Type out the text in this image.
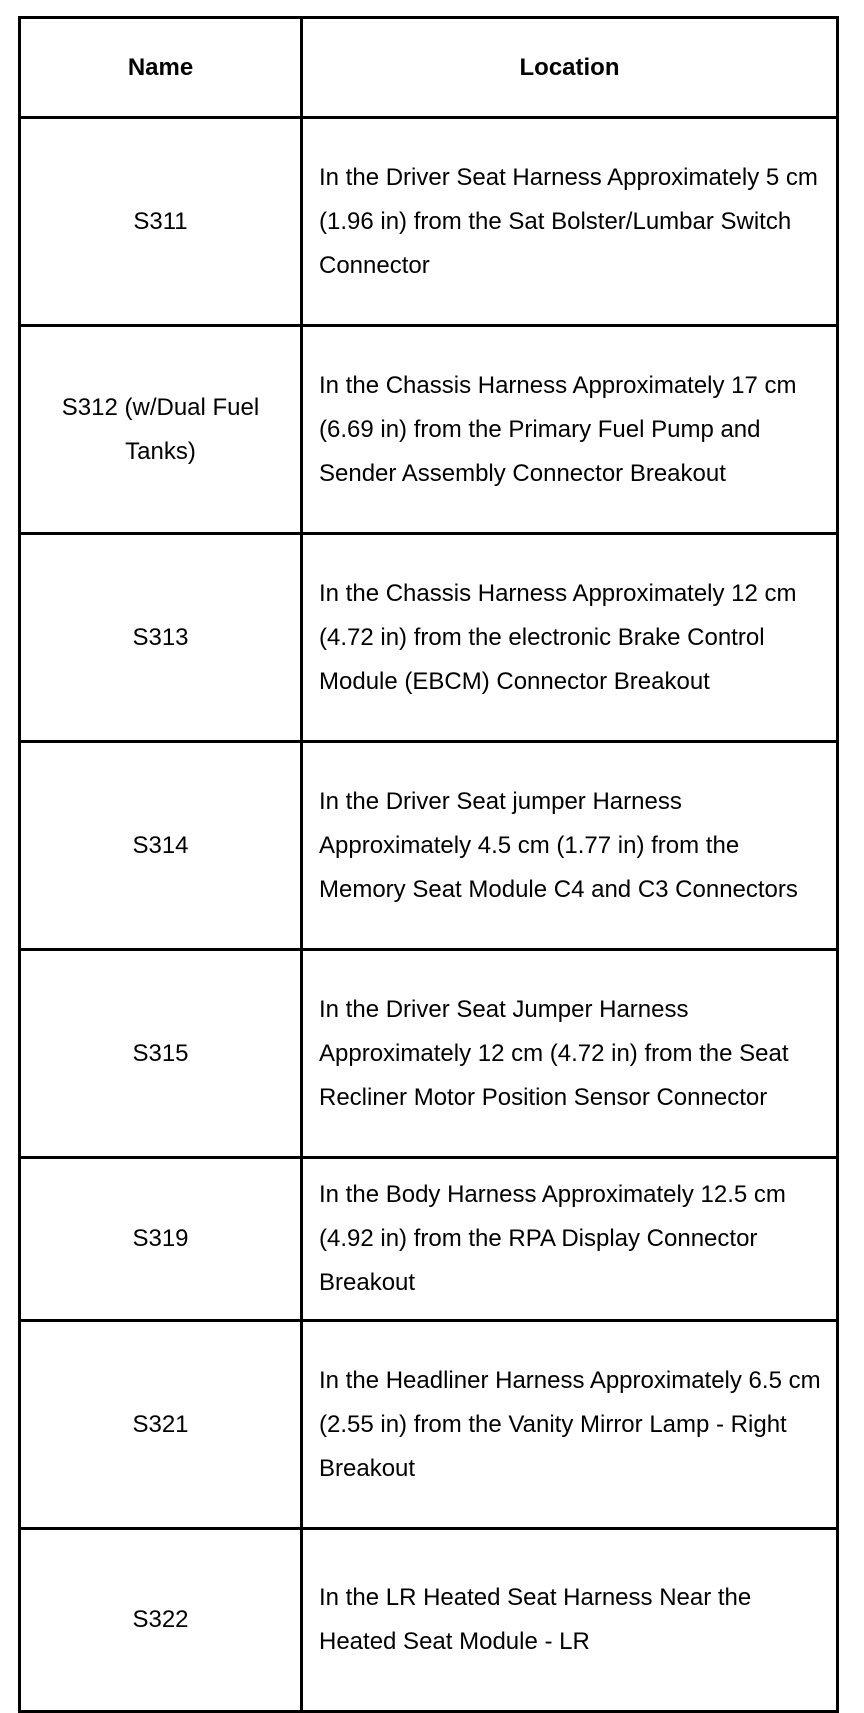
Name	Location
S311	In the Driver Seat Harness Approximately 5 cm (1.96 in) from the Sat Bolster/Lumbar Switch Connector
S312 (w/Dual Fuel Tanks)	In the Chassis Harness Approximately 17 cm (6.69 in) from the Primary Fuel Pump and Sender Assembly Connector Breakout
S313	In the Chassis Harness Approximately 12 cm (4.72 in) from the electronic Brake Control Module (EBCM) Connector Breakout
S314	In the Driver Seat jumper Harness Approximately 4.5 cm (1.77 in) from the Memory Seat Module C4 and C3 Connectors
S315	In the Driver Seat Jumper Harness Approximately 12 cm (4.72 in) from the Seat Recliner Motor Position Sensor Connector
S319	In the Body Harness Approximately 12.5 cm (4.92 in) from the RPA Display Connector Breakout
S321	In the Headliner Harness Approximately 6.5 cm (2.55 in) from the Vanity Mirror Lamp - Right Breakout
S322	In the LR Heated Seat Harness Near the Heated Seat Module - LR
